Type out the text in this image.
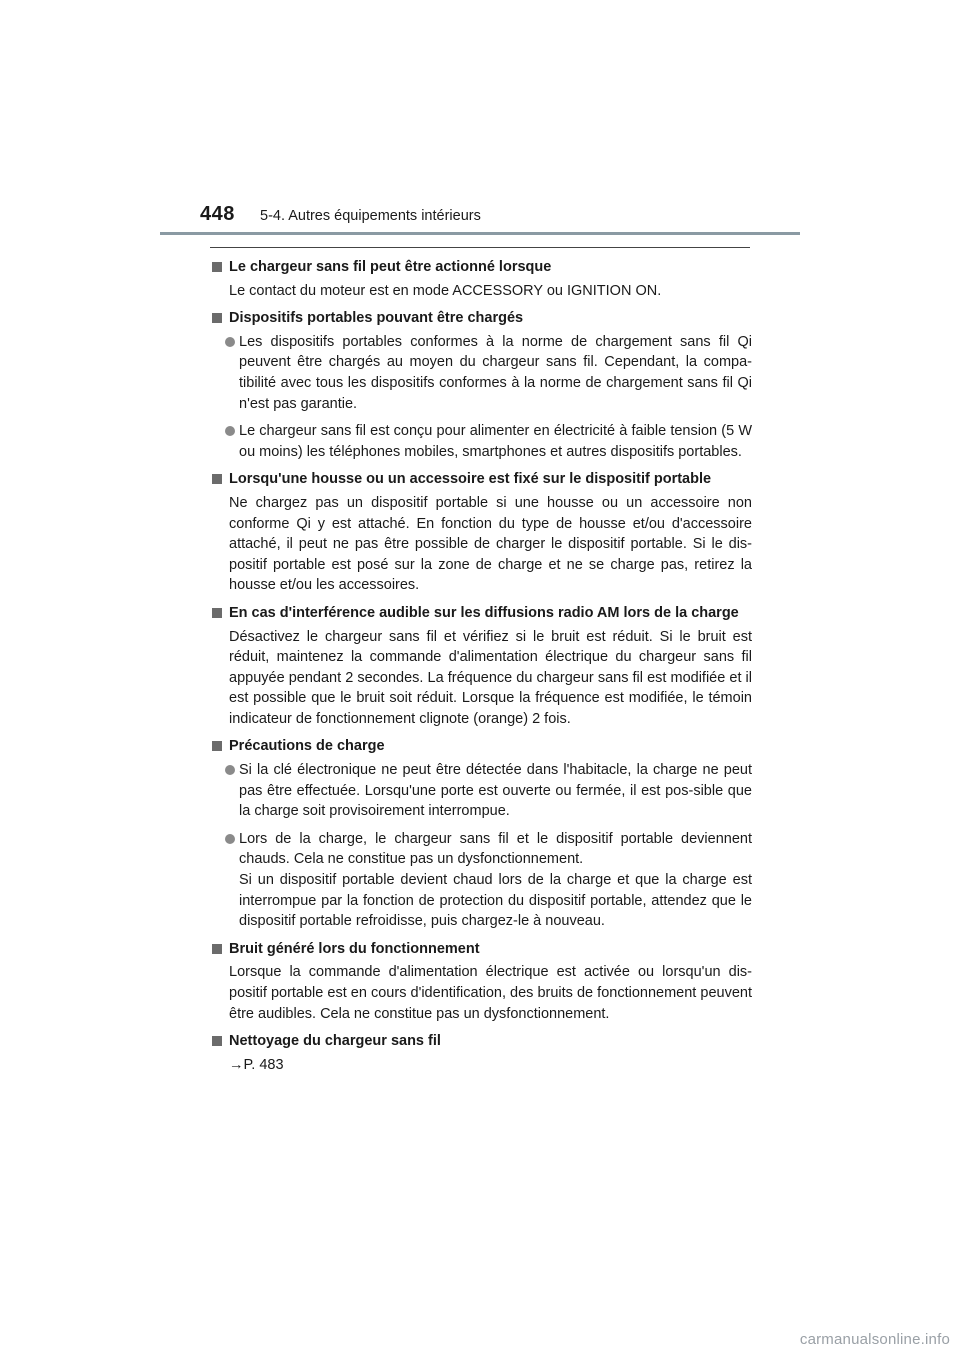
448 5-4. Autres équipements intérieurs
Le chargeur sans fil peut être actionné lorsque
Le contact du moteur est en mode ACCESSORY ou IGNITION ON.
Dispositifs portables pouvant être chargés
Les dispositifs portables conformes à la norme de chargement sans fil Qi peuvent être chargés au moyen du chargeur sans fil. Cependant, la compa-tibilité avec tous les dispositifs conformes à la norme de chargement sans fil Qi n'est pas garantie.
Le chargeur sans fil est conçu pour alimenter en électricité à faible tension (5 W ou moins) les téléphones mobiles, smartphones et autres dispositifs portables.
Lorsqu'une housse ou un accessoire est fixé sur le dispositif portable
Ne chargez pas un dispositif portable si une housse ou un accessoire non conforme Qi y est attaché. En fonction du type de housse et/ou d'accessoire attaché, il peut ne pas être possible de charger le dispositif portable. Si le dis-positif portable est posé sur la zone de charge et ne se charge pas, retirez la housse et/ou les accessoires.
En cas d'interférence audible sur les diffusions radio AM lors de la charge
Désactivez le chargeur sans fil et vérifiez si le bruit est réduit. Si le bruit est réduit, maintenez la commande d'alimentation électrique du chargeur sans fil appuyée pendant 2 secondes. La fréquence du chargeur sans fil est modifiée et il est possible que le bruit soit réduit. Lorsque la fréquence est modifiée, le témoin indicateur de fonctionnement clignote (orange) 2 fois.
Précautions de charge
Si la clé électronique ne peut être détectée dans l'habitacle, la charge ne peut pas être effectuée. Lorsqu'une porte est ouverte ou fermée, il est pos-sible que la charge soit provisoirement interrompue.
Lors de la charge, le chargeur sans fil et le dispositif portable deviennent chauds. Cela ne constitue pas un dysfonctionnement.
Si un dispositif portable devient chaud lors de la charge et que la charge est interrompue par la fonction de protection du dispositif portable, attendez que le dispositif portable refroidisse, puis chargez-le à nouveau.
Bruit généré lors du fonctionnement
Lorsque la commande d'alimentation électrique est activée ou lorsqu'un dis-positif portable est en cours d'identification, des bruits de fonctionnement peuvent être audibles. Cela ne constitue pas un dysfonctionnement.
Nettoyage du chargeur sans fil
→P. 483
carmanualsonline.info
